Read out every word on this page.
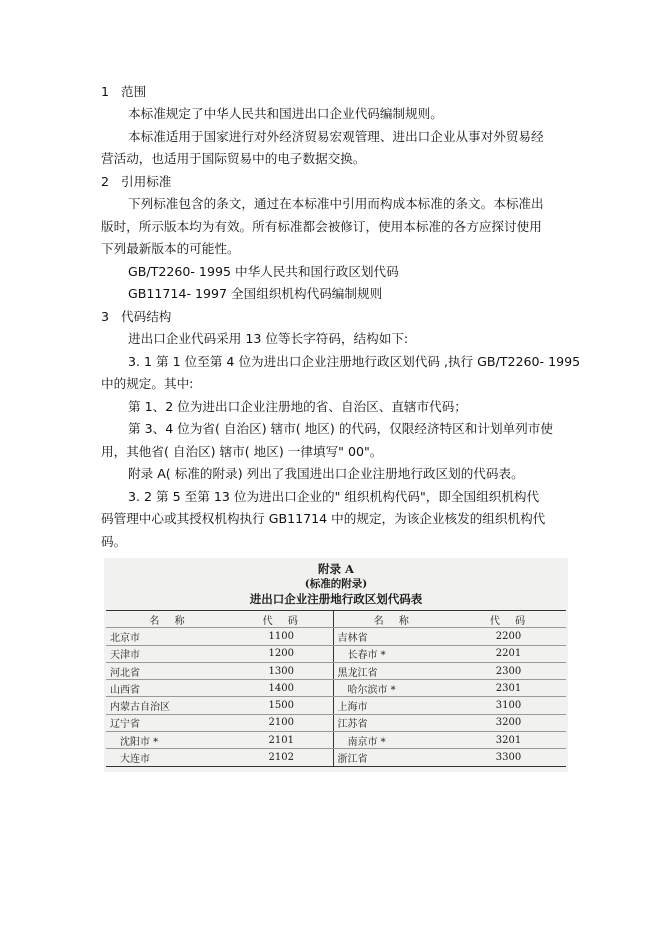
1 范围
本标准规定了中华人民共和国进出口企业代码编制规则。
本标准适用于国家进行对外经济贸易宏观管理、进出口企业从事对外贸易经
营活动，也适用于国际贸易中的电子数据交换。
2 引用标准
下列标准包含的条文，通过在本标准中引用而构成本标准的条文。本标准出
版时，所示版本均为有效。所有标准都会被修订，使用本标准的各方应探讨使用
下列最新版本的可能性。
GB/T2260- 1995 中华人民共和国行政区划代码
GB11714- 1997 全国组织机构代码编制规则
3 代码结构
进出口企业代码采用 13 位等长字符码，结构如下:
3. 1 第 1 位至第 4 位为进出口企业注册地行政区划代码 ,执行 GB/T2260- 1995
中的规定。其中:
第 1、2 位为进出口企业注册地的省、自治区、直辖市代码；
第 3、4 位为省( 自治区) 辖市( 地区) 的代码，仅限经济特区和计划单列市使
用，其他省( 自治区) 辖市( 地区) 一律填写" 00"。
附录 A( 标准的附录) 列出了我国进出口企业注册地行政区划的代码表。
3. 2 第 5 至第 13 位为进出口企业的" 组织机构代码"，即全国组织机构代
码管理中心或其授权机构执行 GB11714 中的规定，为该企业核发的组织机构代
码。
附录 A
(标准的附录)
进出口企业注册地行政区划代码表
名 称	代 码	名 称	代 码
北京市	1100	吉林省	2200
天津市	1200	长春市 *	2201
河北省	1300	黑龙江省	2300
山西省	1400	哈尔滨市 *	2301
内蒙古自治区	1500	上海市	3100
辽宁省	2100	江苏省	3200
沈阳市 *	2101	南京市 *	3201
大连市	2102	浙江省	3300
